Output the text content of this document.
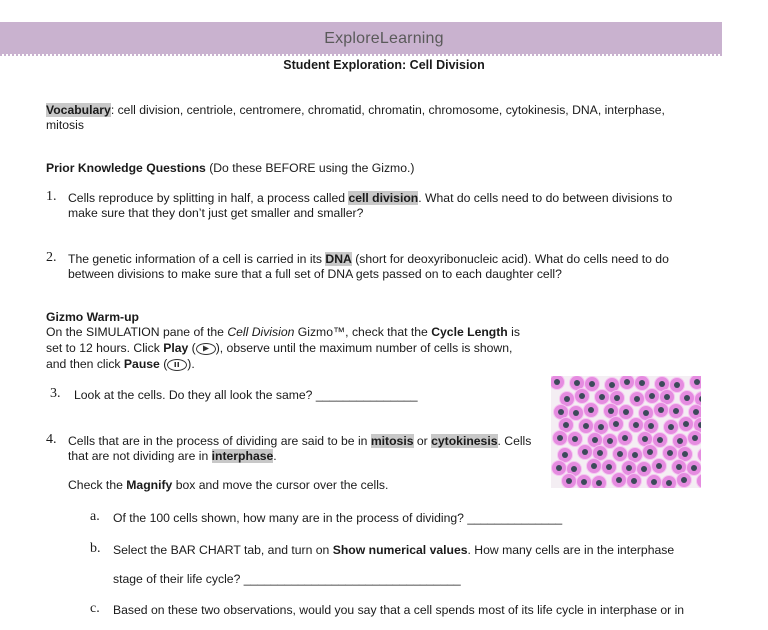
ExploreLearning
Student Exploration: Cell Division
Vocabulary: cell division, centriole, centromere, chromatid, chromatin, chromosome, cytokinesis, DNA, interphase,
mitosis
Prior Knowledge Questions (Do these BEFORE using the Gizmo.)
1. Cells reproduce by splitting in half, a process called cell division. What do cells need to do between divisions to
make sure that they don’t just get smaller and smaller?
2. The genetic information of a cell is carried in its DNA (short for deoxyribonucleic acid). What do cells need to do
between divisions to make sure that a full set of DNA gets passed on to each daughter cell?
Gizmo Warm-up
On the SIMULATION pane of the Cell Division Gizmo™, check that the Cycle Length is
set to 12 hours. Click Play ( ), observe until the maximum number of cells is shown,
and then click Pause ( ).
3. Look at the cells. Do they all look the same? _______________
4. Cells that are in the process of dividing are said to be in mitosis or cytokinesis. Cells
that are not dividing are in interphase.
Check the Magnify box and move the cursor over the cells.
a. Of the 100 cells shown, how many are in the process of dividing? ______________
b. Select the BAR CHART tab, and turn on Show numerical values. How many cells are in the interphase
stage of their life cycle? ________________________________
c. Based on these two observations, would you say that a cell spends most of its life cycle in interphase or in
